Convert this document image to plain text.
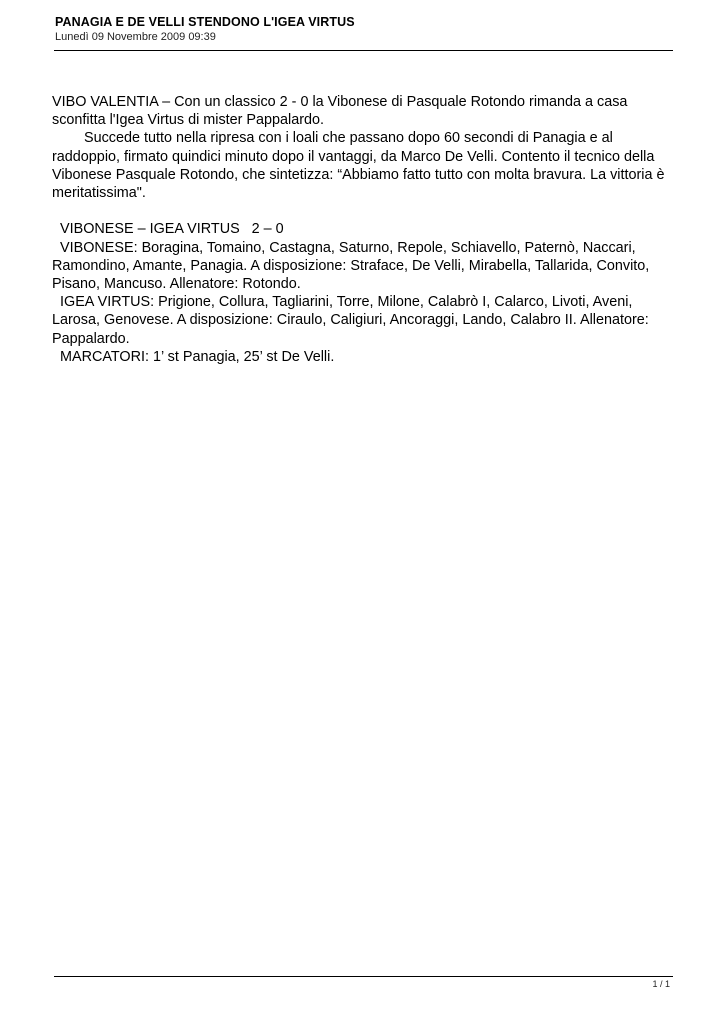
PANAGIA E DE VELLI STENDONO L'IGEA VIRTUS

Lunedì 09 Novembre 2009 09:39

VIBO VALENTIA – Con un classico 2 - 0 la Vibonese di Pasquale Rotondo rimanda a casa sconfitta l'Igea Virtus di mister Pappalardo.

Succede tutto nella ripresa con i loali che passano dopo 60 secondi di Panagia e al raddoppio, firmato quindici minuto dopo il vantaggi, da Marco De Velli. Contento il tecnico della Vibonese Pasquale Rotondo, che sintetizza: “Abbiamo fatto tutto con molta bravura. La vittoria è meritatissima".

VIBONESE – IGEA VIRTUS   2 – 0

VIBONESE: Boragina, Tomaino, Castagna, Saturno, Repole, Schiavello, Paternò, Naccari, Ramondino, Amante, Panagia. A disposizione: Straface, De Velli, Mirabella, Tallarida, Convito, Pisano, Mancuso. Allenatore: Rotondo.

IGEA VIRTUS: Prigione, Collura, Tagliarini, Torre, Milone, Calabrò I, Calarco, Livoti, Aveni, Larosa, Genovese. A disposizione: Ciraulo, Caligiuri, Ancoraggi, Lando, Calabro II. Allenatore: Pappalardo.

MARCATORI: 1’ st Panagia, 25’ st De Velli.

1 / 1
